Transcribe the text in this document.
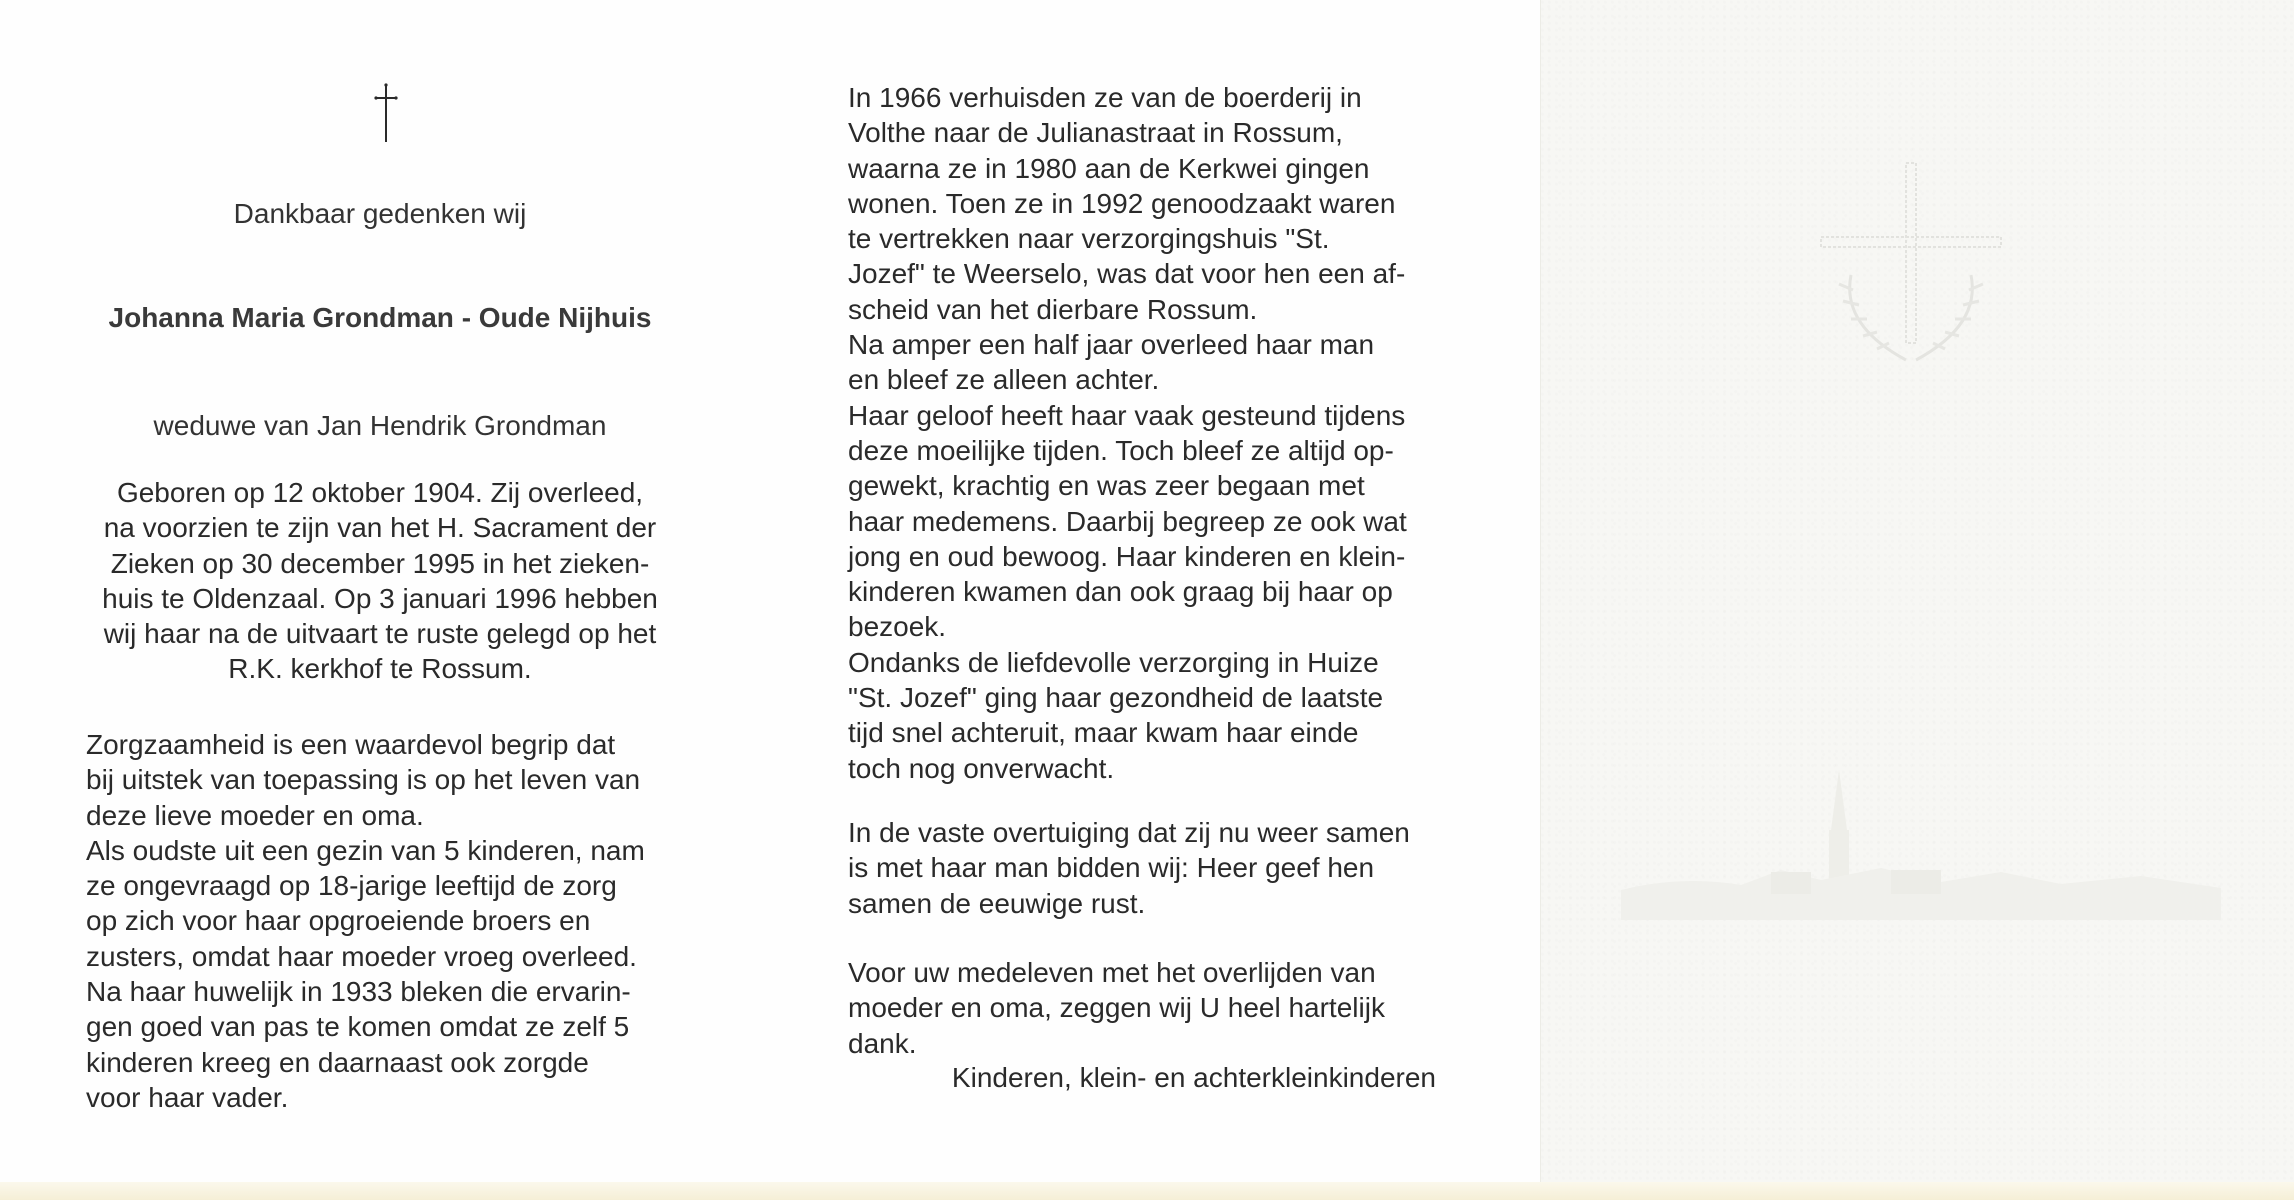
Dankbaar gedenken wij
Johanna Maria Grondman - Oude Nijhuis
weduwe van Jan Hendrik Grondman
Geboren op 12 oktober 1904. Zij overleed,
na voorzien te zijn van het H. Sacrament der
Zieken op 30 december 1995 in het zieken-
huis te Oldenzaal. Op 3 januari 1996 hebben
wij haar na de uitvaart te ruste gelegd op het
R.K. kerkhof te Rossum.
Zorgzaamheid is een waardevol begrip dat
bij uitstek van toepassing is op het leven van
deze lieve moeder en oma.
Als oudste uit een gezin van 5 kinderen, nam
ze ongevraagd op 18-jarige leeftijd de zorg
op zich voor haar opgroeiende broers en
zusters, omdat haar moeder vroeg overleed.
Na haar huwelijk in 1933 bleken die ervarin-
gen goed van pas te komen omdat ze zelf 5
kinderen kreeg en daarnaast ook zorgde
voor haar vader.
In 1966 verhuisden ze van de boerderij in
Volthe naar de Julianastraat in Rossum,
waarna ze in 1980 aan de Kerkwei gingen
wonen. Toen ze in 1992 genoodzaakt waren
te vertrekken naar verzorgingshuis "St.
Jozef" te Weerselo, was dat voor hen een af-
scheid van het dierbare Rossum.
Na amper een half jaar overleed haar man
en bleef ze alleen achter.
Haar geloof heeft haar vaak gesteund tijdens
deze moeilijke tijden. Toch bleef ze altijd op-
gewekt, krachtig en was zeer begaan met
haar medemens. Daarbij begreep ze ook wat
jong en oud bewoog. Haar kinderen en klein-
kinderen kwamen dan ook graag bij haar op
bezoek.
Ondanks de liefdevolle verzorging in Huize
"St. Jozef" ging haar gezondheid de laatste
tijd snel achteruit, maar kwam haar einde
toch nog onverwacht.
In de vaste overtuiging dat zij nu weer samen
is met haar man bidden wij: Heer geef hen
samen de eeuwige rust.
Voor uw medeleven met het overlijden van
moeder en oma, zeggen wij U heel hartelijk
dank.
Kinderen, klein- en achterkleinkinderen
